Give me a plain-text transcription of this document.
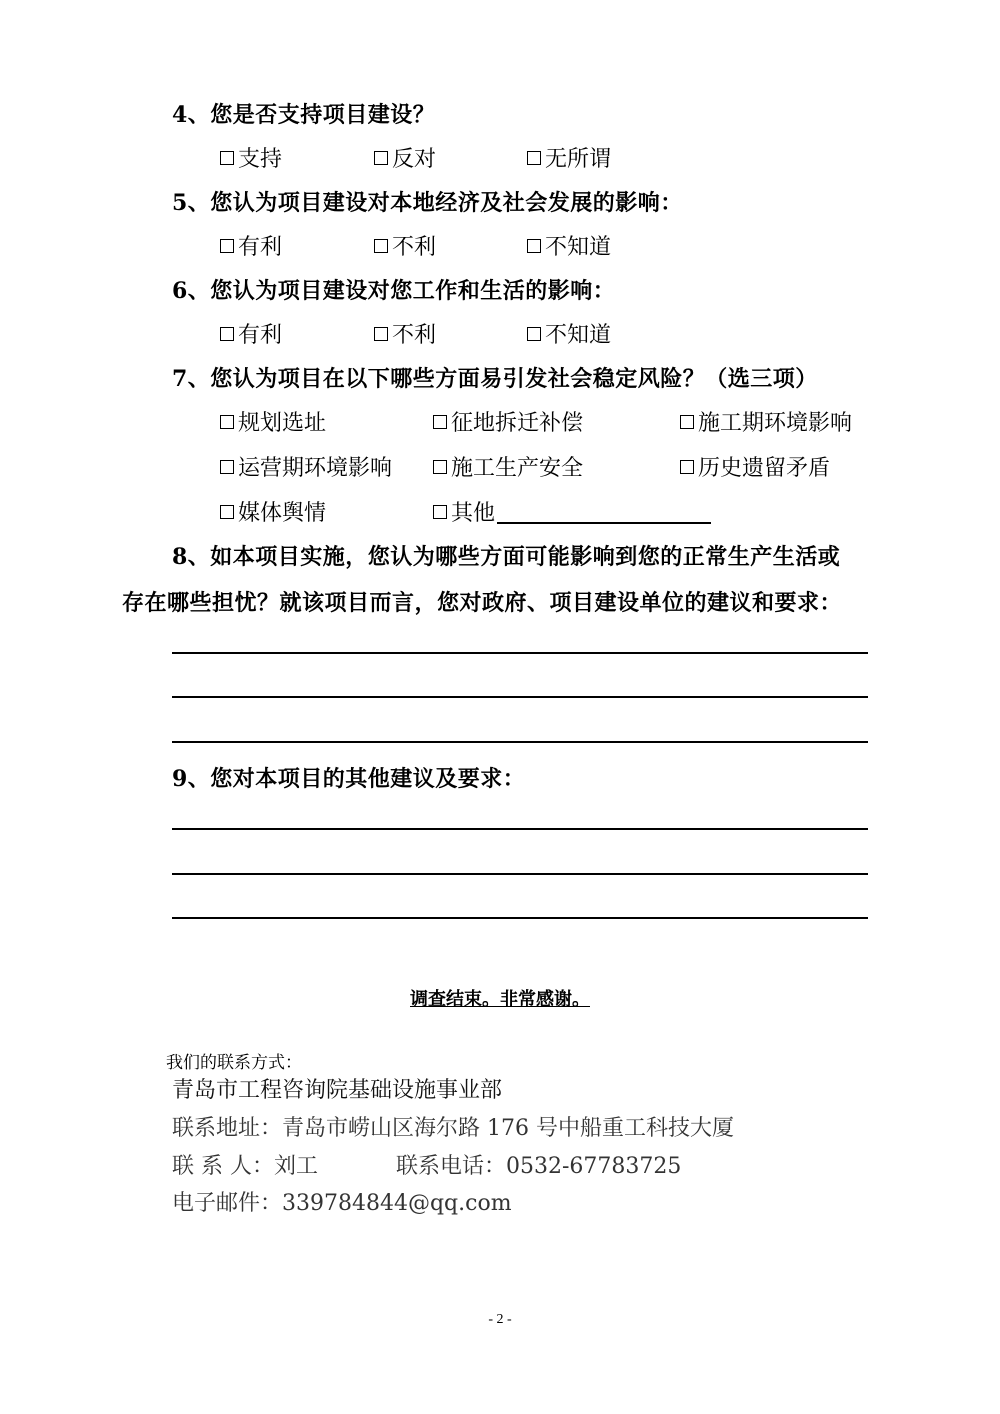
4、您是否支持项目建设？
支持	反对	无所谓
5、您认为项目建设对本地经济及社会发展的影响：
有利	不利	不知道
6、您认为项目建设对您工作和生活的影响：
有利	不利	不知道
7、您认为项目在以下哪些方面易引发社会稳定风险？（选三项）
规划选址	征地拆迁补偿	施工期环境影响
运营期环境影响	施工生产安全	历史遗留矛盾
媒体舆情	其他
8、如本项目实施，您认为哪些方面可能影响到您的正常生产生活或
存在哪些担忧？就该项目而言，您对政府、项目建设单位的建议和要求：
9、您对本项目的其他建议及要求：
调查结束。非常感谢。
我们的联系方式：
青岛市工程咨询院基础设施事业部
联系地址：青岛市崂山区海尔路 176 号中船重工科技大厦
联 系 人：刘工	联系电话：0532-67783725
电子邮件：339784844@qq.com
- 2 -
